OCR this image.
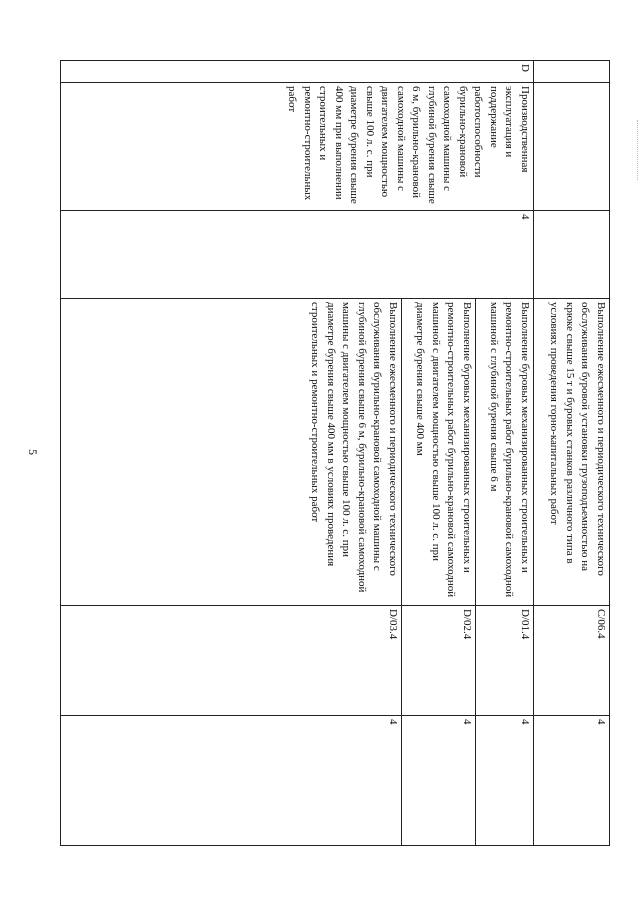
5
				Выполнение ежесменного и периодического технического обслуживания буровой установки грузоподъемностью на крюке свыше 15 т и буровых станков различного типа в условиях проведения горно-капитальных работ	С/06.4	4
D	Производственная эксплуатация и поддержание работоспособности бурильно-крановой самоходной машины с глубиной бурения свыше 6 м, бурильно-крановой самоходной машины с двигателем мощностью свыше 100 л. с. при диаметре бурения свыше 400 мм при выполнении строительных и ремонтно-строительных работ	4	Выполнение буровых механизированных строительных и ремонтно-строительных работ бурильно-крановой самоходной машиной с глубиной бурения свыше 6 м	D/01.4	4
			Выполнение буровых механизированных строительных и ремонтно-строительных работ бурильно-крановой самоходной машиной с двигателем мощностью свыше 100 л. с. при диаметре бурения свыше 400 мм	D/02.4	4
			Выполнение ежесменного и периодического технического обслуживания бурильно-крановой самоходной машины с глубиной бурения свыше 6 м, бурильно-крановой самоходной машины с двигателем мощностью свыше 100 л. с. при диаметре бурения свыше 400 мм в условиях проведения строительных и ремонтно-строительных работ	D/03.4	4
